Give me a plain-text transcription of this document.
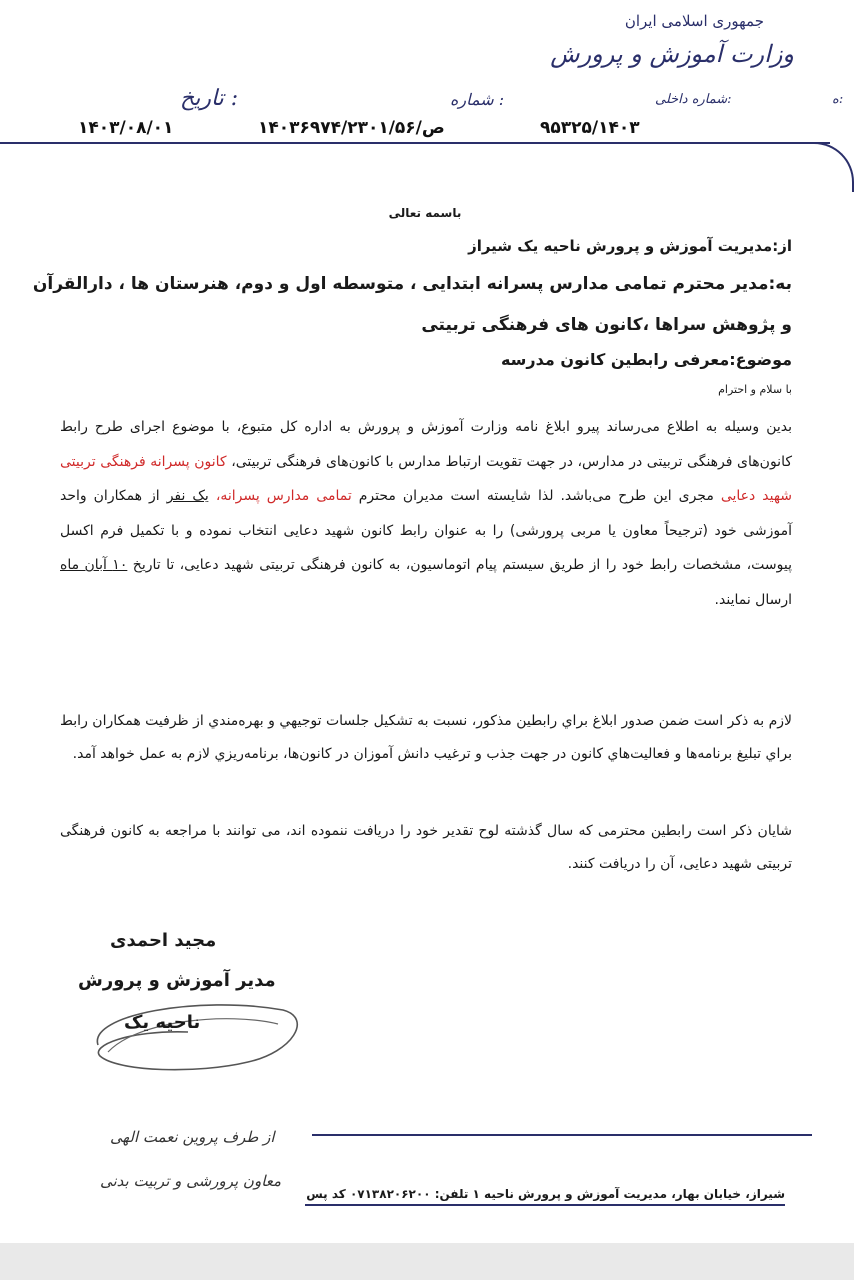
جمهوری اسلامی ایران
وزارت آموزش و پرورش
تاریخ :	شماره :	شماره داخلی:	ه:
۱۴۰۳/۰۸/۰۱	۱۴۰۳۶۹۷۴/۲۳۰۱/۵۶/ص	۹۵۳۲۵/۱۴۰۳
باسمه تعالی
از:مدیریت آموزش و پرورش ناحیه یک شیراز
به:مدیر محترم تمامی مدارس پسرانه ابتدایی ، متوسطه اول و دوم، هنرستان ها ، دارالقرآن
و پژوهش سراها ،کانون های فرهنگی تربیتی
موضوع:معرفی رابطین کانون مدرسه
با سلام و احترام
بدین وسیله به اطلاع می‌رساند پیرو ابلاغ نامه وزارت آموزش و پرورش به اداره کل متبوع، با موضوع اجرای طرح رابط کانون‌های فرهنگی تربیتی در مدارس، در جهت تقویت ارتباط مدارس با کانون‌های فرهنگی تربیتی، کانون پسرانه فرهنگی تربیتی شهید دعایی مجری این طرح می‌باشد. لذا شایسته است مدیران محترم تمامی مدارس پسرانه، یک نفر از همکاران واحد آموزشی خود (ترجیحاً معاون یا مربی پرورشی) را به عنوان رابط کانون شهید دعایی انتخاب نموده و با تکمیل فرم اکسل پیوست، مشخصات رابط خود را از طریق سیستم پیام اتوماسیون، به کانون فرهنگی تربیتی شهید دعایی، تا تاریخ ۱۰ آبان ماه ارسال نمایند.
لازم به ذکر است ضمن صدور ابلاغ براي رابطين مذکور، نسبت به تشکيل جلسات توجيهي و بهره‌مندي از ظرفيت همکاران رابط براي تبليغ برنامه‌ها و فعاليت‌هاي کانون در جهت جذب و ترغيب دانش آموزان در کانون‌ها، برنامه‌ريزي لازم به عمل خواهد آمد.
شایان ذکر است رابطین محترمی که سال گذشته لوح تقدیر خود را دریافت ننموده اند، می توانند با مراجعه به کانون فرهنگی تربیتی شهید دعایی، آن را دریافت کنند.
مجید احمدی
مدیر آموزش و پرورش
ناحیه یک
از طرف پروین نعمت الهی
معاون پرورشی و تربیت بدنی
شیراز، خیابان بهار، مدیریت آموزش و پرورش ناحیه ۱ تلفن: ۰۷۱۳۸۲۰۶۲۰۰ کد پس
